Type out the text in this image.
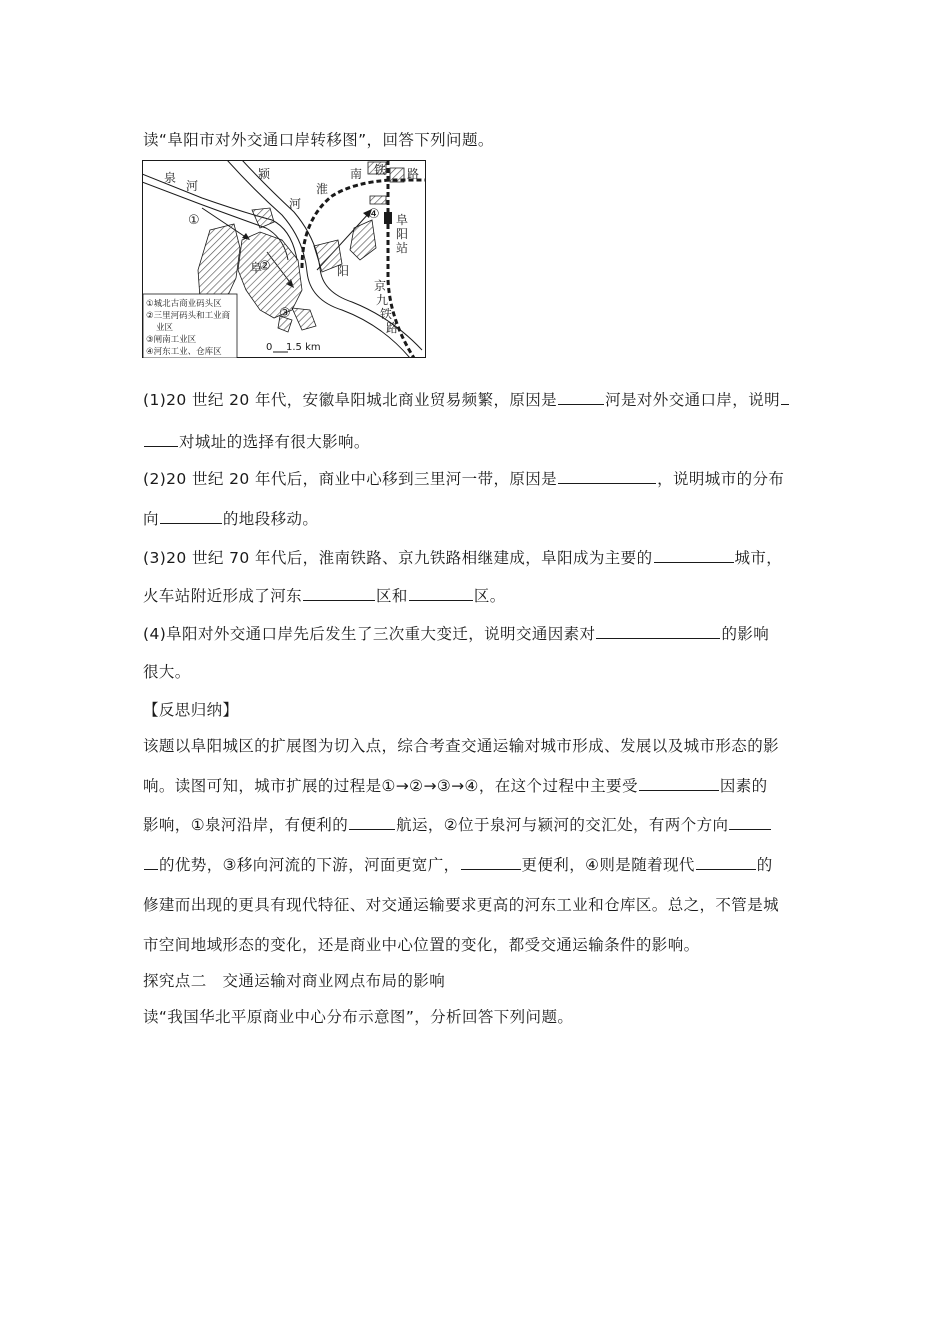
读“阜阳市对外交通口岸转移图”，回答下列问题。
泉
河
颍
河
淮
南 铁 路
阜	阳
阜
阳
站
京
九
铁
路
①
②
③
④
①城北古商业码头区
②三里河码头和工业商
业区
③闸南工业区
④河东工业、仓库区	0 1.5 km
(1)20 世纪 20 年代，安徽阜阳城北商业贸易频繁，原因是	河是对外交通口岸，说明
对城址的选择有很大影响。
(2)20 世纪 20 年代后，商业中心移到三里河一带，原因是	，说明城市的分布
向	的地段移动。
(3)20 世纪 70 年代后，淮南铁路、京九铁路相继建成，阜阳成为主要的	城市，
火车站附近形成了河东	区和	区。
(4)阜阳对外交通口岸先后发生了三次重大变迁，说明交通因素对	的影响
很大。
【反思归纳】
该题以阜阳城区的扩展图为切入点，综合考查交通运输对城市形成、发展以及城市形态的影
响。读图可知，城市扩展的过程是①→②→③→④，在这个过程中主要受	因素的
影响，①泉河沿岸，有便利的	航运，②位于泉河与颍河的交汇处，有两个方向
的优势，③移向河流的下游，河面更宽广，	更便利，④则是随着现代	的
修建而出现的更具有现代特征、对交通运输要求更高的河东工业和仓库区。总之，不管是城
市空间地域形态的变化，还是商业中心位置的变化，都受交通运输条件的影响。
探究点二　交通运输对商业网点布局的影响
读“我国华北平原商业中心分布示意图”，分析回答下列问题。
